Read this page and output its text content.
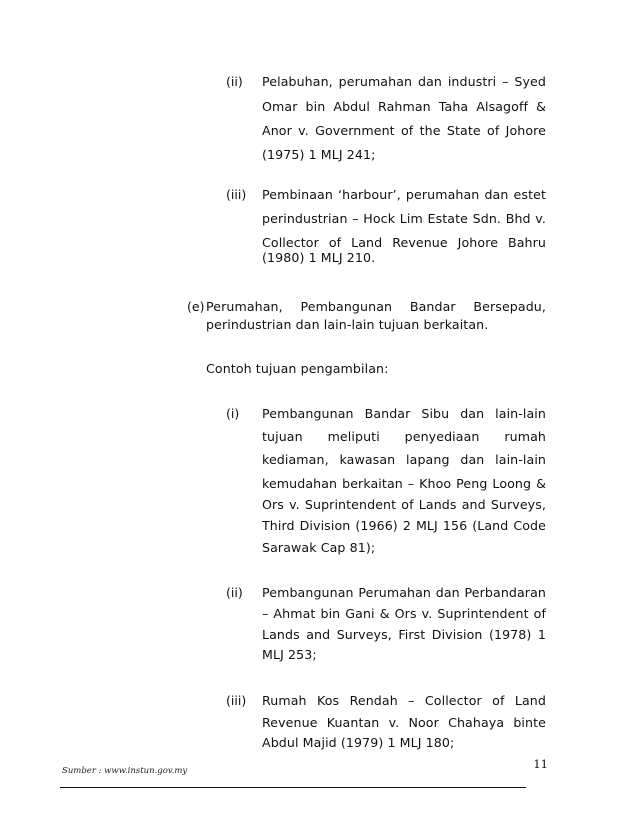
(ii) Pelabuhan, perumahan dan industri – Syed
Omar bin Abdul Rahman Taha Alsagoff &
Anor v. Government of the State of Johore
(1975) 1 MLJ 241;
(iii) Pembinaan ‘harbour’, perumahan dan estet
perindustrian – Hock Lim Estate Sdn. Bhd v.
Collector of Land Revenue Johore Bahru
(1980) 1 MLJ 210.
(e) Perumahan, Pembangunan Bandar Bersepadu,
perindustrian dan lain-lain tujuan berkaitan.
Contoh tujuan pengambilan:
(i) Pembangunan Bandar Sibu dan lain-lain
tujuan meliputi penyediaan rumah
kediaman, kawasan lapang dan lain-lain
kemudahan berkaitan – Khoo Peng Loong &
Ors v. Suprintendent of Lands and Surveys,
Third Division (1966) 2 MLJ 156 (Land Code
Sarawak Cap 81);
(ii) Pembangunan Perumahan dan Perbandaran
– Ahmat bin Gani & Ors v. Suprintendent of
Lands and Surveys, First Division (1978) 1
MLJ 253;
(iii) Rumah Kos Rendah – Collector of Land
Revenue Kuantan v. Noor Chahaya binte
Abdul Majid (1979) 1 MLJ 180;
11
Sumber : www.instun.gov.my
